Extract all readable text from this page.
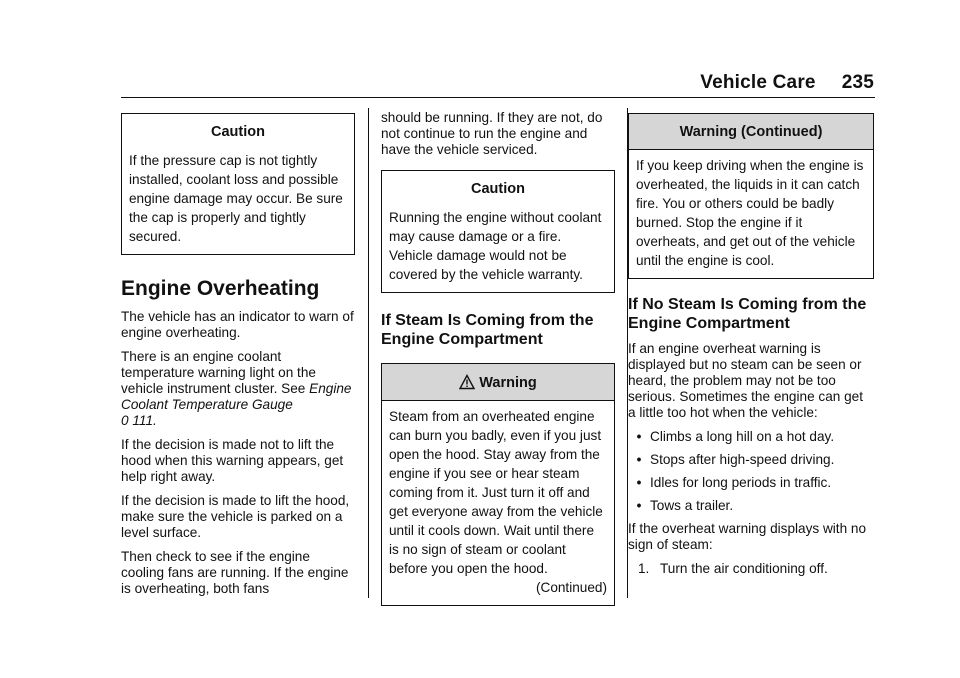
Vehicle Care 235
Caution
If the pressure cap is not tightly installed, coolant loss and possible engine damage may occur. Be sure the cap is properly and tightly secured.
Engine Overheating

The vehicle has an indicator to warn of engine overheating.

There is an engine coolant temperature warning light on the vehicle instrument cluster. See Engine Coolant Temperature Gauge
0 111.

If the decision is made not to lift the hood when this warning appears, get help right away.

If the decision is made to lift the hood, make sure the vehicle is parked on a level surface.

Then check to see if the engine cooling fans are running. If the engine is overheating, both fans

should be running. If they are not, do not continue to run the engine and have the vehicle serviced.

Caution
Running the engine without coolant may cause damage or a fire. Vehicle damage would not be covered by the vehicle warranty.
If Steam Is Coming from the Engine Compartment
Warning
Steam from an overheated engine can burn you badly, even if you just open the hood. Stay away from the engine if you see or hear steam coming from it. Just turn it off and get everyone away from the vehicle until it cools down. Wait until there is no sign of steam or coolant before you open the hood.
(Continued)
Warning (Continued)
If you keep driving when the engine is overheated, the liquids in it can catch fire. You or others could be badly burned. Stop the engine if it overheats, and get out of the vehicle until the engine is cool.
If No Steam Is Coming from the Engine Compartment

If an engine overheat warning is displayed but no steam can be seen or heard, the problem may not be too serious. Sometimes the engine can get a little too hot when the vehicle:

• Climbs a long hill on a hot day.
• Stops after high-speed driving.
• Idles for long periods in traffic.
• Tows a trailer.

If the overheat warning displays with no sign of steam:

1. Turn the air conditioning off.
